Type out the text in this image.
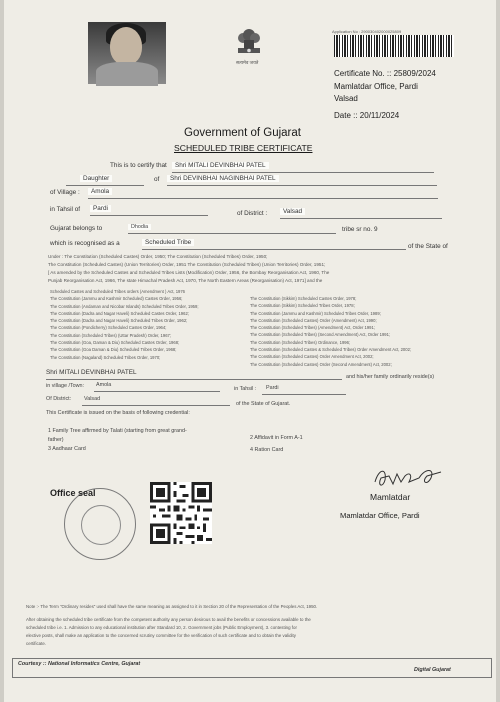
सत्यमेव जयते
Application No : 290030402000025809
Certificate No. :: 25809/2024
Mamlatdar Office, Pardi
Valsad
Date :: 20/11/2024
Government of Gujarat
SCHEDULED TRIBE CERTIFICATE
This is to certify that	Shri MITALI DEVINBHAI PATEL
Daughter	of	Shri DEVINBHAI NAGINBHAI PATEL
of Village :	Amola
in Tahsil of	Pardi
of District :	Valsad
Gujarat belongs to	Dhodia	tribe sr no. 9
which is recognised as a	Scheduled Tribe
of the State of
Under : The Constitution (Scheduled Castes) Order, 1950; The Constitution (Scheduled Tribes) Order, 1950;
The Constitution (Scheduled Castes) (Union Territories) Order, 1951 The Constitution (Scheduled Tribes) (Union Territories) Order, 1951;
[ As amended by the Scheduled Castes and Scheduled Tribes Lists (Modification) Order, 1956, the Bombay Reorganisation Act, 1960, The
Punjab Reorganisation Act, 1966, The state Himachal Pradesh Act, 1970, The North Eastern Areas (Reorganisation) Act, 1971] and the
Scheduled Castes and Scheduled Tribes orders (Amendment ) Act, 1976
The Constitution (Jammu and Kashmir Scheduled) Castes Order, 1956;
The Constitution (Andaman and Nicobar Islands) Scheduled Tribes Order, 1959;
The Constitution (Dadra and Nagar Haveli) Scheduled Castes Order, 1962;
The Constitution (Dadra and Nagar Haveli) Scheduled Tribes Order, 1962;
The Constitution (Pondicherry) Scheduled Castes Order, 1964;
The Constitution (Scheduled Tribes) (Uttar Pradesh) Order, 1967;
The Constitution (Goa, Daman & Diu) Scheduled Castes Order, 1968;
The Constitution (Goa Daman & Diu) Scheduled Tribes Order, 1968;
The Constitution (Nagaland) Scheduled Tribes Order, 1970;
The Constitution (Sikkim) Scheduled Castes Order, 1978;
The Constitution (Sikkim) Scheduled Tribes Order, 1978;
The Constitution (Jammu and Kashmir) Scheduled Tribes Order, 1989;
The Constitution (Scheduled Castes) Order (Amendment) Act, 1990;
The Constitution (Scheduled Tribes) (Amendment) Act, Order 1991;
The Constitution (Scheduled Tribes) (Second Amendment) Act, Order 1991;
The Constitution (Scheduled Tribes) Ordinance, 1996;
The Constitution (Scheduled Castes & Scheduled Tribes) Order Amendment Act, 2002;
The Constitution (Scheduled Castes) Order Amendment Act, 2002;
The Constitution (Scheduled Castes) Order (Second Amendment) Act, 2002;
Shri MITALI DEVINBHAI PATEL
and his/her family ordinarily reside(s)
in village /Town: Amola
in Tahsil : Pardi
Of District: Valsad
of the State of Gujarat.
This Certificate is issued on the basis of following credential:
1 Family Tree affirmed by Talati (starting from great grand-
father)
3 Aadhaar Card
2 Affidavit in Form A-1
4 Ration Card
Mamlatdar
Mamlatdar Office, Pardi
Office seal
Note :- The Term "Ordinary resides" used shall have the same meaning as assigned to it in Section 20 of the Representation of the Peoples Act, 1950.
After obtaining the scheduled tribe certificate from the competent authority any person desirous to avail the benefits or concessions available to the
scheduled tribe i.e. 1. Admission to any educational institution after Standard 10, 2. Government jobs (Public Employment), 3. contesting for
elective posts, shall make an application to the concerned scrutiny committee for the verification of such certificate and to obtain the validity
certificate.
Courtesy :: National Informatics Centre, Gujarat
Digital Gujarat
